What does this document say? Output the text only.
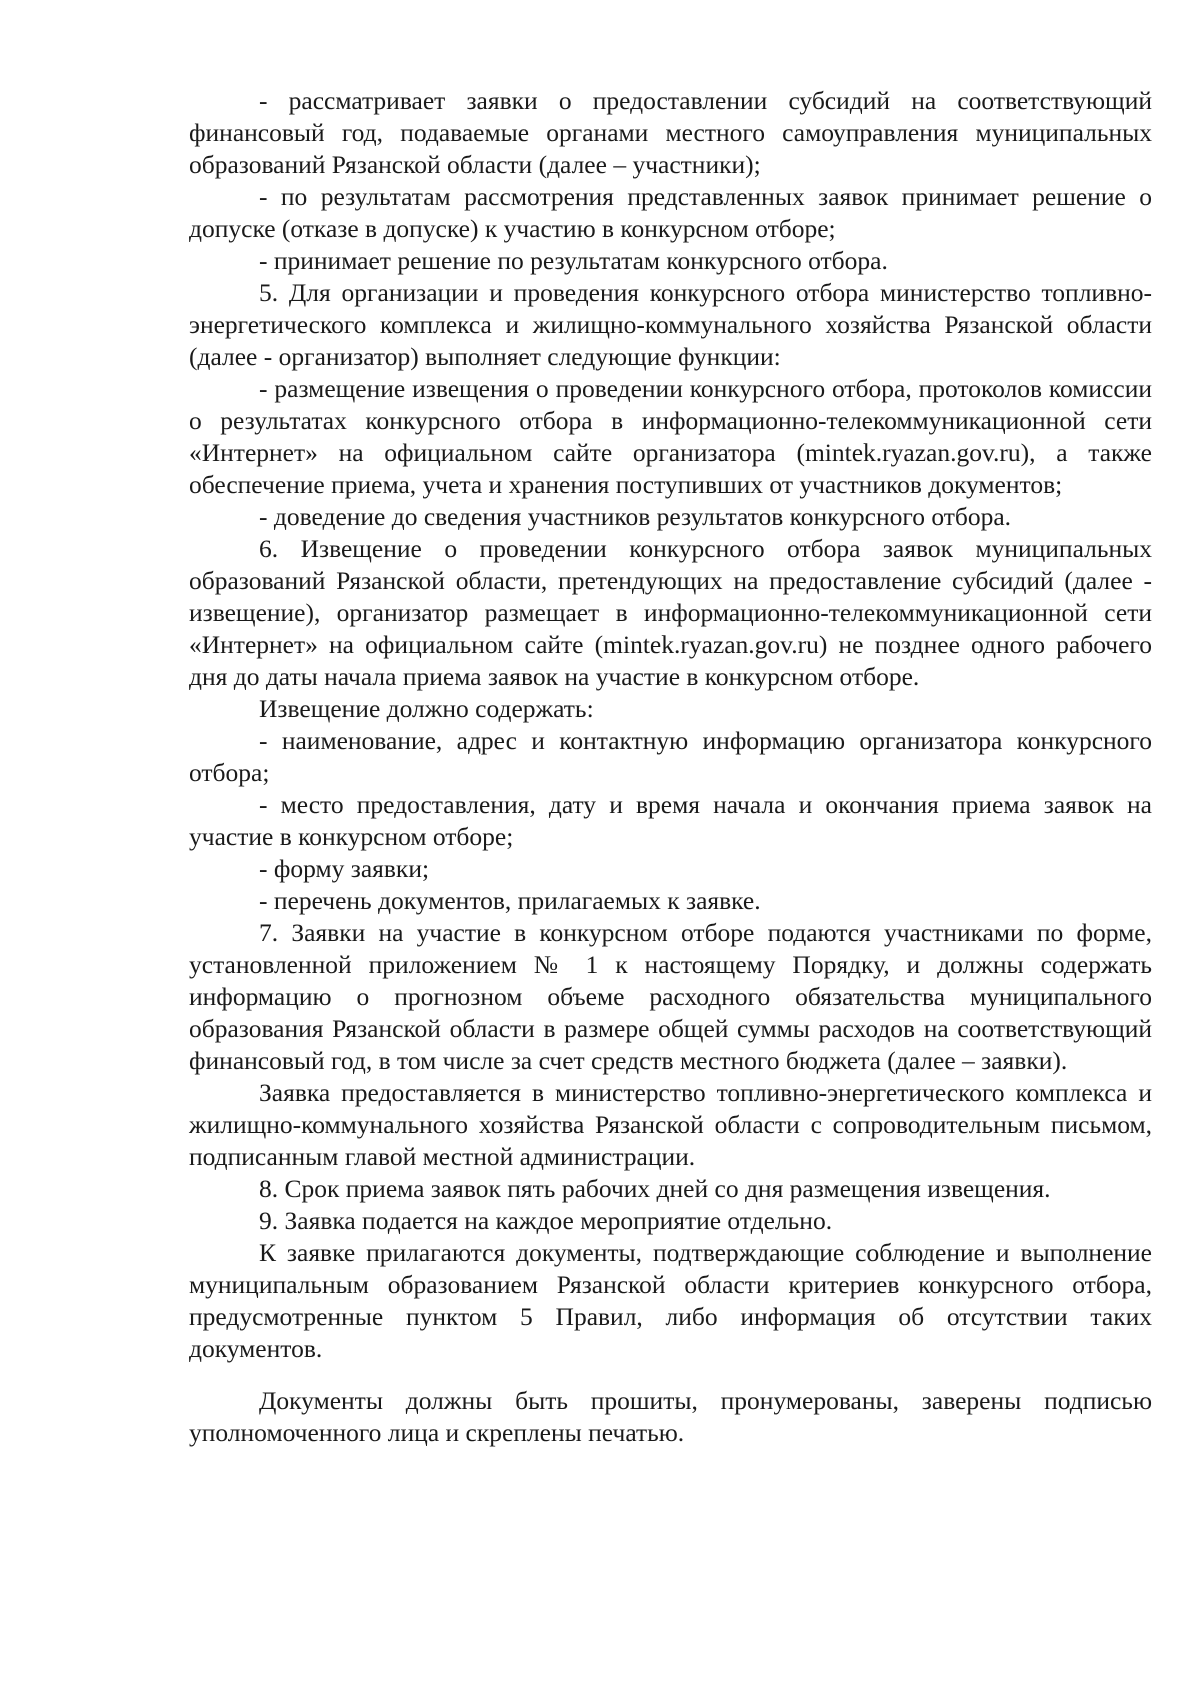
- рассматривает заявки о предоставлении субсидий на соответствующий финансовый год, подаваемые органами местного самоуправления муниципальных образований Рязанской области (далее – участники);

- по результатам рассмотрения представленных заявок принимает решение о допуске (отказе в допуске) к участию в конкурсном отборе;

- принимает решение по результатам конкурсного отбора.

5. Для организации и проведения конкурсного отбора министерство топливно-энергетического комплекса и жилищно-коммунального хозяйства Рязанской области (далее - организатор) выполняет следующие функции:

- размещение извещения о проведении конкурсного отбора, протоколов комиссии о результатах конкурсного отбора в информационно-телекоммуникационной сети «Интернет» на официальном сайте организатора (mintek.ryazan.gov.ru), а также обеспечение приема, учета и хранения поступивших от участников документов;

- доведение до сведения участников результатов конкурсного отбора.

6. Извещение о проведении конкурсного отбора заявок муниципальных образований Рязанской области, претендующих на предоставление субсидий (далее - извещение), организатор размещает в информационно-телекоммуникационной сети «Интернет» на официальном сайте (mintek.ryazan.gov.ru) не позднее одного рабочего дня до даты начала приема заявок на участие в конкурсном отборе.

Извещение должно содержать:

- наименование, адрес и контактную информацию организатора конкурсного отбора;

- место предоставления, дату и время начала и окончания приема заявок на участие в конкурсном отборе;

- форму заявки;

- перечень документов, прилагаемых к заявке.

7. Заявки на участие в конкурсном отборе подаются участниками по форме, установленной приложением № 1 к настоящему Порядку, и должны содержать информацию о прогнозном объеме расходного обязательства муниципального образования Рязанской области в размере общей суммы расходов на соответствующий финансовый год, в том числе за счет средств местного бюджета (далее – заявки).

Заявка предоставляется в министерство топливно-энергетического комплекса и жилищно-коммунального хозяйства Рязанской области с сопроводительным письмом, подписанным главой местной администрации.

8. Срок приема заявок пять рабочих дней со дня размещения извещения.

9. Заявка подается на каждое мероприятие отдельно.

К заявке прилагаются документы, подтверждающие соблюдение и выполнение муниципальным образованием Рязанской области критериев конкурсного отбора, предусмотренные пунктом 5 Правил, либо информация об отсутствии таких документов.

Документы должны быть прошиты, пронумерованы, заверены подписью уполномоченного лица и скреплены печатью.
